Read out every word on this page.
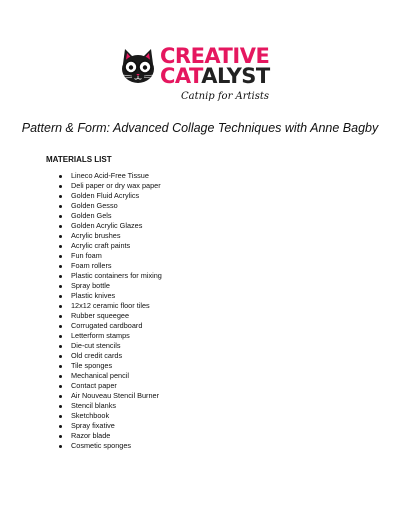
CREATIVE
CATALYST
Catnip for Artists
Pattern & Form: Advanced Collage Techniques with Anne Bagby
MATERIALS LIST
Lineco Acid-Free Tissue
Deli paper or dry wax paper
Golden Fluid Acrylics
Golden Gesso
Golden Gels
Golden Acrylic Glazes
Acrylic brushes
Acrylic craft paints
Fun foam
Foam rollers
Plastic containers for mixing
Spray bottle
Plastic knives
12x12 ceramic floor tiles
Rubber squeegee
Corrugated cardboard
Letterform stamps
Die-cut stencils
Old credit cards
Tile sponges
Mechanical pencil
Contact paper
Air Nouveau Stencil Burner
Stencil blanks
Sketchbook
Spray fixative
Razor blade
Cosmetic sponges
